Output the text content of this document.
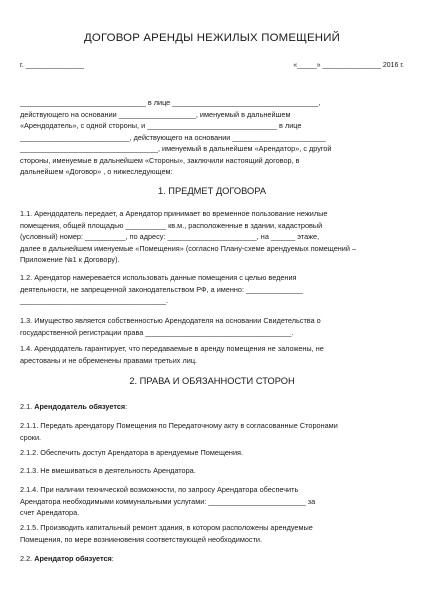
ДОГОВОР АРЕНДЫ НЕЖИЛЫХ ПОМЕЩЕНИЙ
г. _______________	«_____» _______________ 2016 г.
_______________________________ в лице ____________________________________,
действующего на основании ___________________, именуемый в дальнейшем
«Арендодатель», с одной стороны, и ________________________________ в лице
___________________________, действующего на основании _______________________
__________________________________, именуемый в дальнейшем «Арендатор», с другой
стороны, именуемые в дальнейшем «Стороны», заключили настоящий договор, в
дальнейшем «Договор» , о нижеследующем:
1. ПРЕДМЕТ ДОГОВОРА
1.1. Арендодатель передает, а Арендатор принимает во временное пользование нежилые
помещения, общей площадью __________ кв.м., расположенные в здании, кадастровый
(условный) номер: __________, по адресу: ______________________, на ______ этаже,
далее в дальнейшем именуемые «Помещения» (согласно Плану-схеме арендуемых помещений –
Приложение №1 к Договору).
1.2. Арендатор намеревается использовать данные помещения с целью ведения
деятельности, не запрещенной законодательством РФ, а именно: ______________
____________________________________.
1.3. Имущество является собственностью Арендодателя на основании Свидетельства о
государственной регистрации права ____________________________________.
1.4. Арендодатель гарантирует, что передаваемые в аренду помещения не заложены, не
арестованы и не обременены правами третьих лиц.
2. ПРАВА И ОБЯЗАННОСТИ СТОРОН
2.1. Арендодатель обязуется:
2.1.1. Передать арендатору Помещения по Передаточному акту в согласованные Сторонами
сроки.
2.1.2. Обеспечить доступ Арендатора в арендуемые Помещения.
2.1.3. Не вмешиваться в деятельность Арендатора.
2.1.4. При наличии технической возможности, по запросу Арендатора обеспечить
Арендатора необходимыми коммунальными услугами: ________________________ за
счет Арендатора.
2.1.5. Производить капитальный ремонт здания, в котором расположены арендуемые
Помещения, по мере возникновения соответствующей необходимости.
2.2. Арендатор обязуется:
